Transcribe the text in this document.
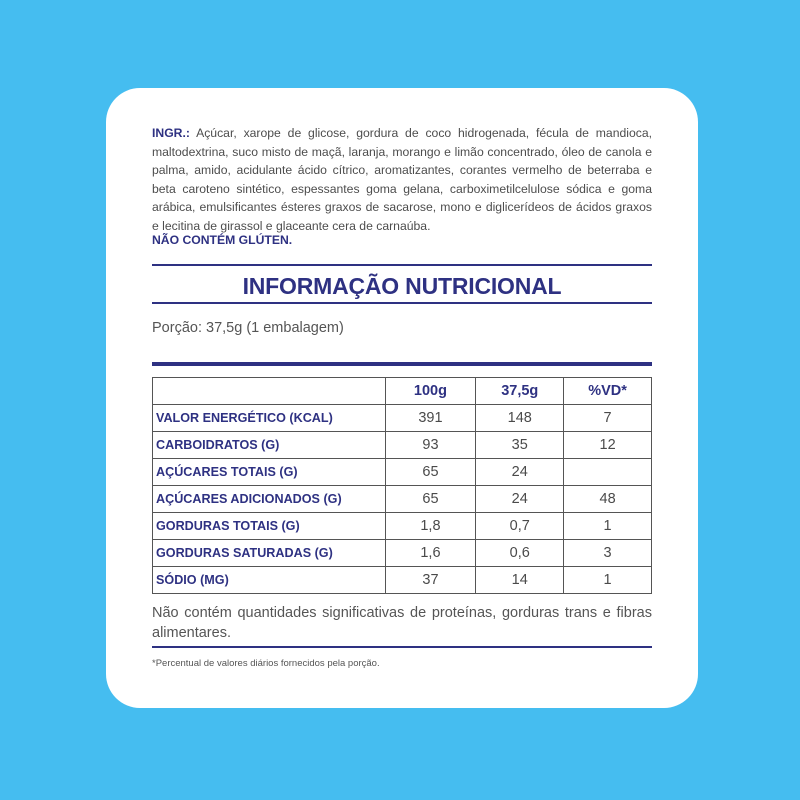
INGR.: Açúcar, xarope de glicose, gordura de coco hidrogenada, fécula de mandioca, maltodextrina, suco misto de maçã, laranja, morango e limão concentrado, óleo de canola e palma, amido, acidulante ácido cítrico, aromatizantes, corantes vermelho de beterraba e beta caroteno sintético, espessantes goma gelana, carboximetilcelulose sódica e goma arábica, emulsificantes ésteres graxos de sacarose, mono e diglicerídeos de ácidos graxos e lecitina de girassol e glaceante cera de carnaúba.
NÃO CONTÉM GLÚTEN.
INFORMAÇÃO NUTRICIONAL
Porção: 37,5g (1 embalagem)
	100g	37,5g	%VD*
VALOR ENERGÉTICO (KCAL)	391	148	7
CARBOIDRATOS (G)	93	35	12
AÇÚCARES TOTAIS (G)	65	24	
AÇÚCARES ADICIONADOS (G)	65	24	48
GORDURAS TOTAIS (G)	1,8	0,7	1
GORDURAS SATURADAS (G)	1,6	0,6	3
SÓDIO (MG)	37	14	1
Não contém quantidades significativas de proteínas, gorduras trans e fibras alimentares.
*Percentual de valores diários fornecidos pela porção.
